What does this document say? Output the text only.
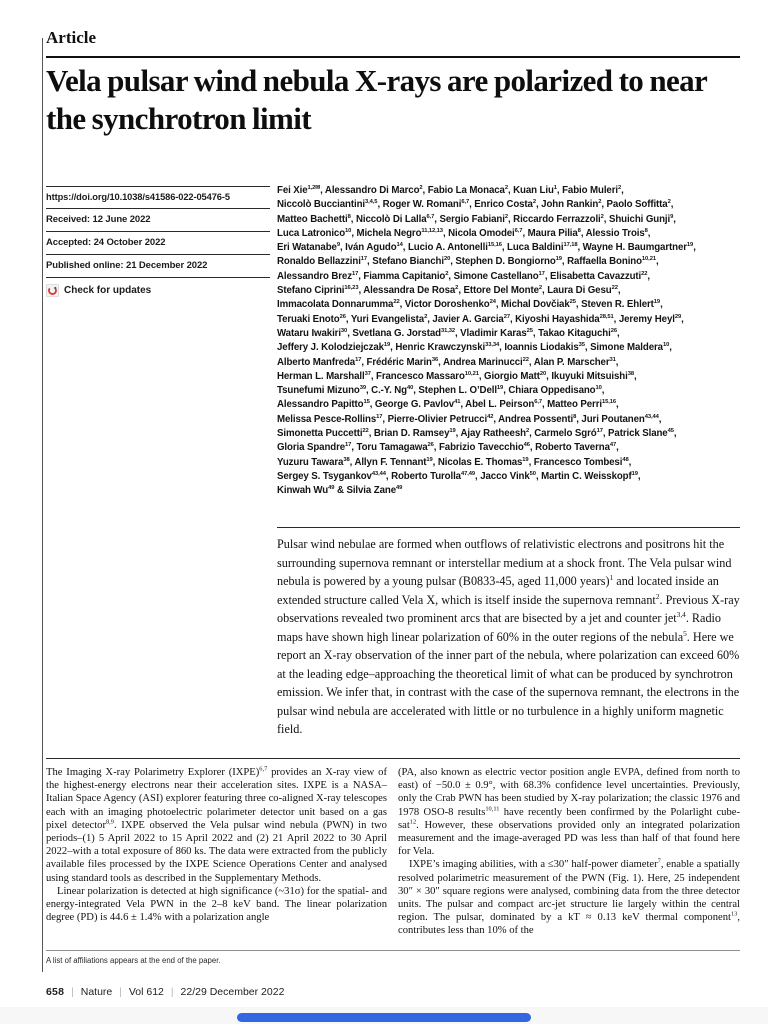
Article
Vela pulsar wind nebula X-rays are polarized to near the synchrotron limit
https://doi.org/10.1038/s41586-022-05476-5
Received: 12 June 2022
Accepted: 24 October 2022
Published online: 21 December 2022
Check for updates
Fei Xie$^{1,2✉}$, Alessandro Di Marco$^2$, Fabio La Monaca$^2$, Kuan Liu$^1$, Fabio Muleri$^2$,
Niccolò Bucciantini$^{3,4,5}$, Roger W. Romani$^{6,7}$, Enrico Costa$^2$, John Rankin$^2$, Paolo Soffitta$^2$,
Matteo Bachetti$^8$, Niccolò Di Lalla$^{6,7}$, Sergio Fabiani$^2$, Riccardo Ferrazzoli$^2$, Shuichi Gunji$^9$,
Luca Latronico$^{10}$, Michela Negro$^{11,12,13}$, Nicola Omodei$^{6,7}$, Maura Pilia$^8$, Alessio Trois$^8$,
Eri Watanabe$^9$, Iván Agudo$^{14}$, Lucio A. Antonelli$^{15,16}$, Luca Baldini$^{17,18}$, Wayne H. Baumgartner$^{19}$,
Ronaldo Bellazzini$^{17}$, Stefano Bianchi$^{20}$, Stephen D. Bongiorno$^{19}$, Raffaella Bonino$^{10,21}$,
Alessandro Brez$^{17}$, Fiamma Capitanio$^2$, Simone Castellano$^{17}$, Elisabetta Cavazzuti$^{22}$,
Stefano Ciprini$^{16,23}$, Alessandra De Rosa$^2$, Ettore Del Monte$^2$, Laura Di Gesu$^{22}$,
Immacolata Donnarumma$^{22}$, Victor Doroshenko$^{24}$, Michal Dovčiak$^{25}$, Steven R. Ehlert$^{19}$,
Teruaki Enoto$^{26}$, Yuri Evangelista$^2$, Javier A. Garcia$^{27}$, Kiyoshi Hayashida$^{28,51}$, Jeremy Heyl$^{29}$,
Wataru Iwakiri$^{30}$, Svetlana G. Jorstad$^{31,32}$, Vladimir Karas$^{25}$, Takao Kitaguchi$^{26}$,
Jeffery J. Kolodziejczak$^{19}$, Henric Krawczynski$^{33,34}$, Ioannis Liodakis$^{35}$, Simone Maldera$^{10}$,
Alberto Manfreda$^{17}$, Frédéric Marin$^{36}$, Andrea Marinucci$^{22}$, Alan P. Marscher$^{31}$,
Herman L. Marshall$^{37}$, Francesco Massaro$^{10,21}$, Giorgio Matt$^{20}$, Ikuyuki Mitsuishi$^{38}$,
Tsunefumi Mizuno$^{39}$, C.-Y. Ng$^{40}$, Stephen L. O’Dell$^{19}$, Chiara Oppedisano$^{10}$,
Alessandro Papitto$^{15}$, George G. Pavlov$^{41}$, Abel L. Peirson$^{6,7}$, Matteo Perri$^{15,16}$,
Melissa Pesce-Rollins$^{17}$, Pierre-Olivier Petrucci$^{42}$, Andrea Possenti$^8$, Juri Poutanen$^{43,44}$,
Simonetta Puccetti$^{22}$, Brian D. Ramsey$^{19}$, Ajay Ratheesh$^2$, Carmelo Sgró$^{17}$, Patrick Slane$^{45}$,
Gloria Spandre$^{17}$, Toru Tamagawa$^{26}$, Fabrizio Tavecchio$^{46}$, Roberto Taverna$^{47}$,
Yuzuru Tawara$^{38}$, Allyn F. Tennant$^{19}$, Nicolas E. Thomas$^{19}$, Francesco Tombesi$^{48}$,
Sergey S. Tsygankov$^{43,44}$, Roberto Turolla$^{47,49}$, Jacco Vink$^{50}$, Martin C. Weisskopf$^{19}$,
Kinwah Wu$^{49}$ & Silvia Zane$^{49}$
Pulsar wind nebulae are formed when outflows of relativistic electrons and positrons hit the surrounding supernova remnant or interstellar medium at a shock front. The Vela pulsar wind nebula is powered by a young pulsar (B0833-45, aged 11,000 years)$^1$ and located inside an extended structure called Vela X, which is itself inside the supernova remnant$^2$. Previous X-ray observations revealed two prominent arcs that are bisected by a jet and counter jet$^{3,4}$. Radio maps have shown high linear polarization of 60% in the outer regions of the nebula$^5$. Here we report an X-ray observation of the inner part of the nebula, where polarization can exceed 60% at the leading edge–approaching the theoretical limit of what can be produced by synchrotron emission. We infer that, in contrast with the case of the supernova remnant, the electrons in the pulsar wind nebula are accelerated with little or no turbulence in a highly uniform magnetic field.
The Imaging X-ray Polarimetry Explorer (IXPE)$^{6,7}$ provides an X-ray view of the highest-energy electrons near their acceleration sites. IXPE is a NASA–Italian Space Agency (ASI) explorer featuring three co-aligned X-ray telescopes each with an imaging photoelectric polarimeter detector unit based on a gas pixel detector$^{8,9}$. IXPE observed the Vela pulsar wind nebula (PWN) in two periods–(1) 5 April 2022 to 15 April 2022 and (2) 21 April 2022 to 30 April 2022–with a total exposure of 860 ks. The data were extracted from the publicly available files processed by the IXPE Science Operations Center and analysed using standard tools as described in the Supplementary Methods.
Linear polarization is detected at high significance (~31σ) for the spatial- and energy-integrated Vela PWN in the 2–8 keV band. The linear polarization degree (PD) is 44.6 ± 1.4% with a polarization angle
(PA, also known as electric vector position angle EVPA, defined from north to east) of −50.0 ± 0.9°, with 68.3% confidence level uncertainties. Previously, only the Crab PWN has been studied by X-ray polarization; the classic 1976 and 1978 OSO-8 results$^{10,11}$ have recently been confirmed by the Polarlight cube-sat$^{12}$. However, these observations provided only an integrated polarization measurement and the image-averaged PD was less than half of that found here for Vela.
IXPE’s imaging abilities, with a ≤30″ half-power diameter$^7$, enable a spatially resolved polarimetric measurement of the PWN (Fig. 1). Here, 25 independent 30″ × 30″ square regions were analysed, combining data from the three detector units. The pulsar and compact arc-jet structure lie largely within the central region. The pulsar, dominated by a kT ≈ 0.13 keV thermal component$^{13}$, contributes less than 10% of the
A list of affiliations appears at the end of the paper.
658 | Nature | Vol 612 | 22/29 December 2022
